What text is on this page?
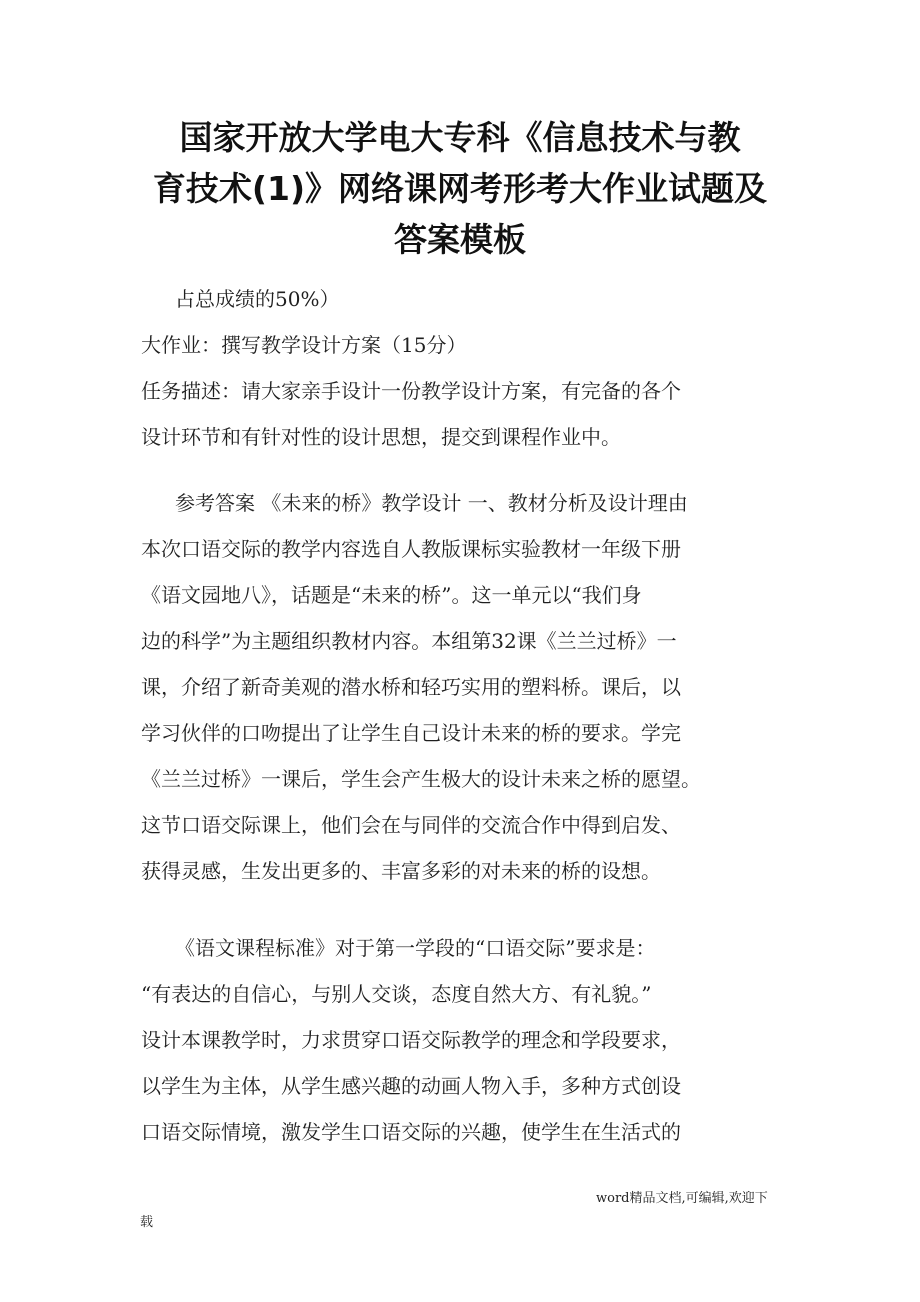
国家开放大学电大专科《信息技术与教
育技术(1)》网络课网考形考大作业试题及
答案模板
占总成绩的50%）
大作业：撰写教学设计方案（15分）
任务描述：请大家亲手设计一份教学设计方案，有完备的各个
设计环节和有针对性的设计思想，提交到课程作业中。
参考答案 《未来的桥》教学设计 一、教材分析及设计理由
本次口语交际的教学内容选自人教版课标实验教材一年级下册
《语文园地八》，话题是“未来的桥”。这一单元以“我们身
边的科学”为主题组织教材内容。本组第32课《兰兰过桥》一
课，介绍了新奇美观的潜水桥和轻巧实用的塑料桥。课后，以
学习伙伴的口吻提出了让学生自己设计未来的桥的要求。学完
《兰兰过桥》一课后，学生会产生极大的设计未来之桥的愿望。
这节口语交际课上，他们会在与同伴的交流合作中得到启发、
获得灵感，生发出更多的、丰富多彩的对未来的桥的设想。
《语文课程标准》对于第一学段的“口语交际”要求是：
“有表达的自信心，与别人交谈，态度自然大方、有礼貌。”
设计本课教学时，力求贯穿口语交际教学的理念和学段要求，
以学生为主体，从学生感兴趣的动画人物入手，多种方式创设
口语交际情境，激发学生口语交际的兴趣，使学生在生活式的
word精品文档,可编辑,欢迎下
载
